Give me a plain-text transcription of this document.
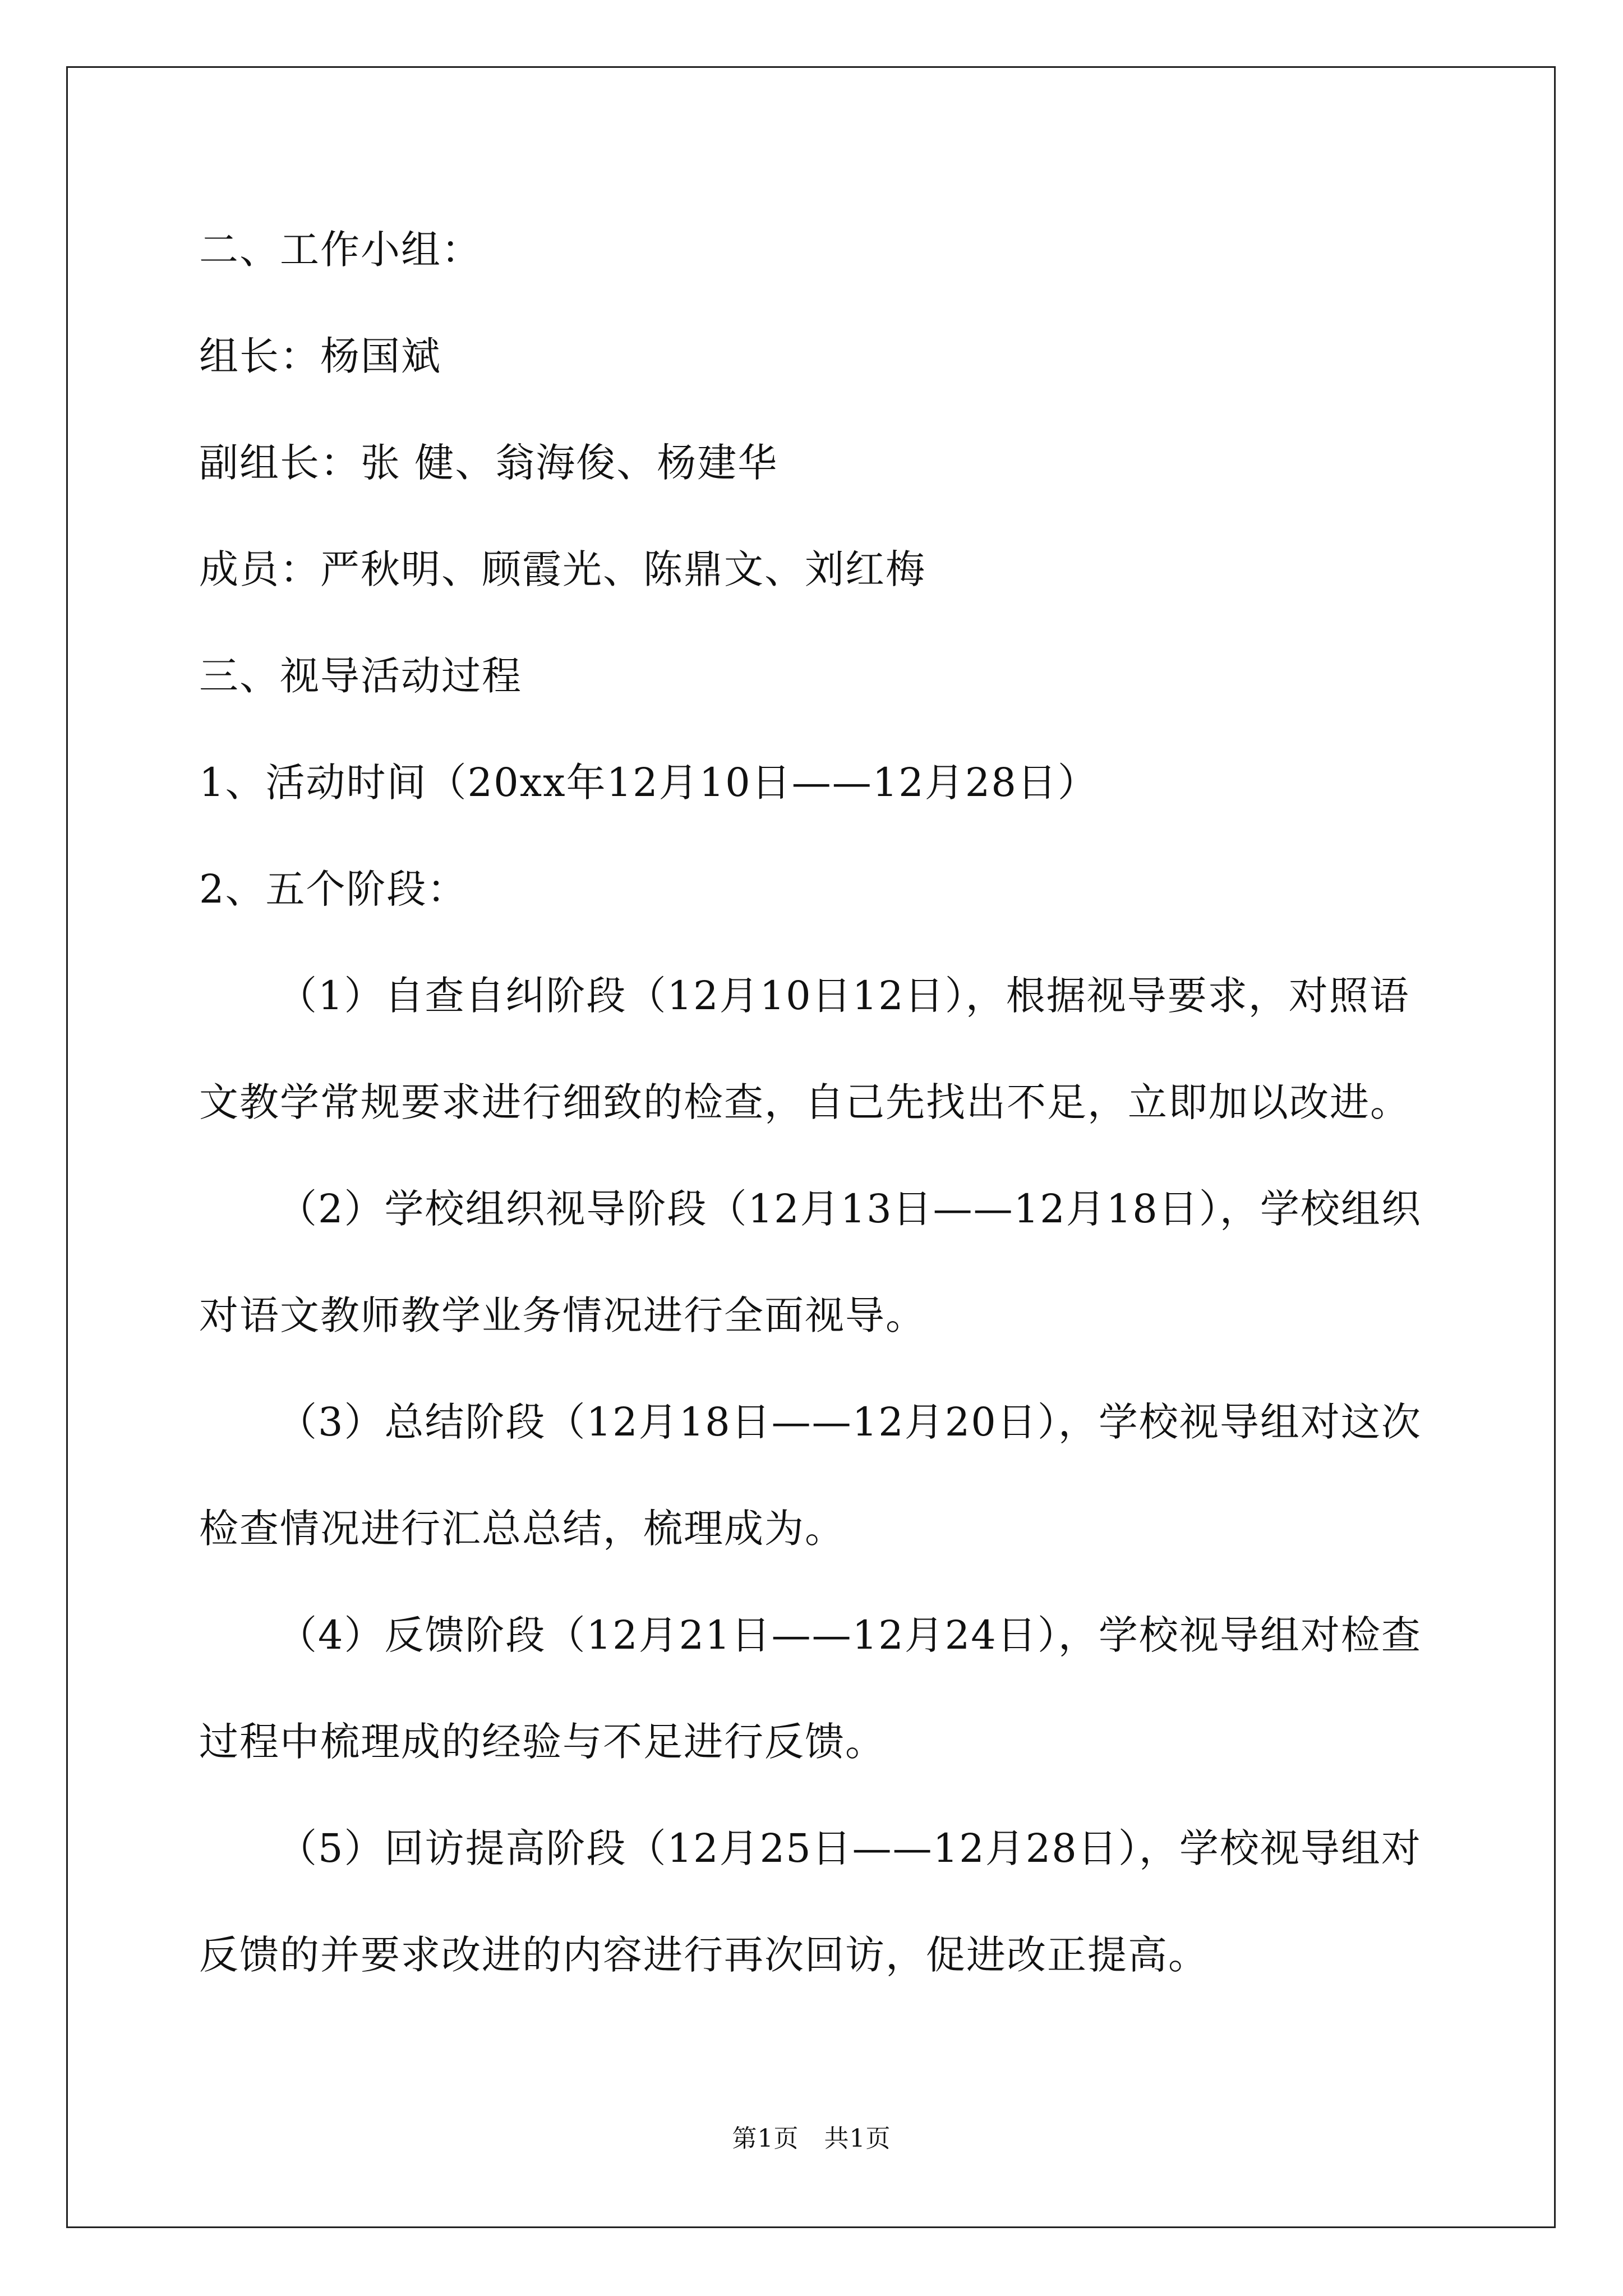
二、工作小组：
组长：杨国斌
副组长：张 健、翁海俊、杨建华
成员：严秋明、顾霞光、陈鼎文、刘红梅
三、视导活动过程
1、活动时间（20xx年12月10日——12月28日）
2、五个阶段：
（1）自查自纠阶段（12月10日12日），根据视导要求，对照语
文教学常规要求进行细致的检查，自己先找出不足，立即加以改进。
（2）学校组织视导阶段（12月13日——12月18日），学校组织
对语文教师教学业务情况进行全面视导。
（3）总结阶段（12月18日——12月20日），学校视导组对这次
检查情况进行汇总总结，梳理成为。
（4）反馈阶段（12月21日——12月24日），学校视导组对检查
过程中梳理成的经验与不足进行反馈。
（5）回访提高阶段（12月25日——12月28日），学校视导组对
反馈的并要求改进的内容进行再次回访，促进改正提高。
第1页　共1页
